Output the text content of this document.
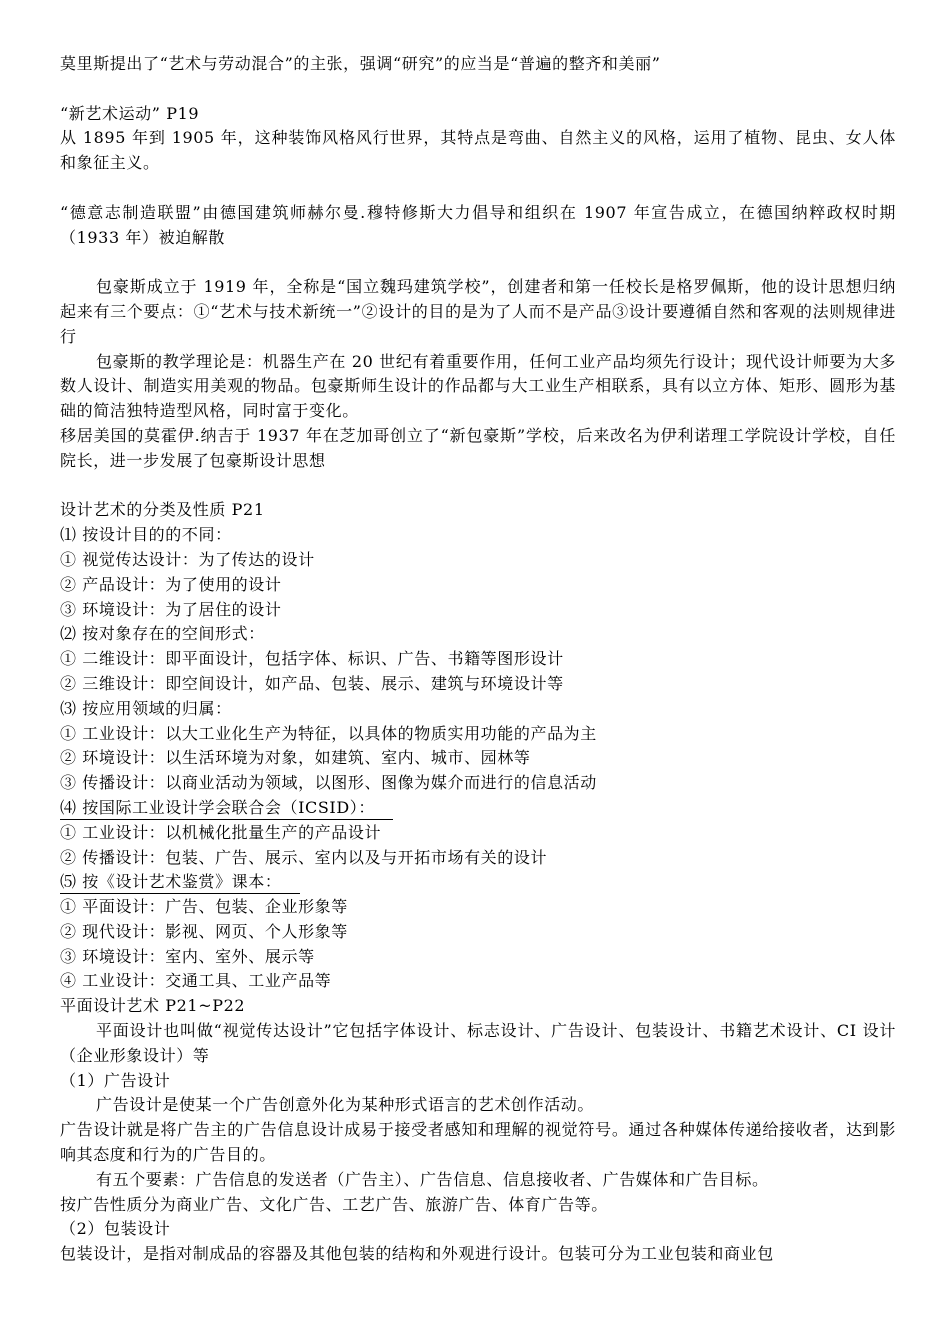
莫里斯提出了“艺术与劳动混合”的主张，强调“研究”的应当是“普遍的整齐和美丽”
“新艺术运动” P19
从 1895 年到 1905 年，这种装饰风格风行世界，其特点是弯曲、自然主义的风格，运用了植物、昆虫、女人体和象征主义。
“德意志制造联盟”由德国建筑师赫尔曼.穆特修斯大力倡导和组织在 1907 年宣告成立，在德国纳粹政权时期（1933 年）被迫解散
包豪斯成立于 1919 年，全称是“国立魏玛建筑学校”，创建者和第一任校长是格罗佩斯，他的设计思想归纳起来有三个要点：①“艺术与技术新统一”②设计的目的是为了人而不是产品③设计要遵循自然和客观的法则规律进行
包豪斯的教学理论是：机器生产在 20 世纪有着重要作用，任何工业产品均须先行设计；现代设计师要为大多数人设计、制造实用美观的物品。包豪斯师生设计的作品都与大工业生产相联系，具有以立方体、矩形、圆形为基础的简洁独特造型风格，同时富于变化。
移居美国的莫霍伊.纳吉于 1937 年在芝加哥创立了“新包豪斯”学校，后来改名为伊利诺理工学院设计学校，自任院长，进一步发展了包豪斯设计思想
设计艺术的分类及性质 P21
⑴ 按设计目的的不同：
① 视觉传达设计：为了传达的设计
② 产品设计：为了使用的设计
③ 环境设计：为了居住的设计
⑵ 按对象存在的空间形式：
① 二维设计：即平面设计，包括字体、标识、广告、书籍等图形设计
② 三维设计：即空间设计，如产品、包装、展示、建筑与环境设计等
⑶ 按应用领域的归属：
① 工业设计：以大工业化生产为特征，以具体的物质实用功能的产品为主
② 环境设计：以生活环境为对象，如建筑、室内、城市、园林等
③ 传播设计：以商业活动为领域，以图形、图像为媒介而进行的信息活动
⑷ 按国际工业设计学会联合会（ICSID）：
① 工业设计：以机械化批量生产的产品设计
② 传播设计：包装、广告、展示、室内以及与开拓市场有关的设计
⑸ 按《设计艺术鉴赏》课本：
① 平面设计：广告、包装、企业形象等
② 现代设计：影视、网页、个人形象等
③ 环境设计：室内、室外、展示等
④ 工业设计：交通工具、工业产品等
平面设计艺术 P21~P22
平面设计也叫做“视觉传达设计”它包括字体设计、标志设计、广告设计、包装设计、书籍艺术设计、CI 设计（企业形象设计）等
（1）广告设计
广告设计是使某一个广告创意外化为某种形式语言的艺术创作活动。
广告设计就是将广告主的广告信息设计成易于接受者感知和理解的视觉符号。通过各种媒体传递给接收者，达到影响其态度和行为的广告目的。
有五个要素：广告信息的发送者（广告主）、广告信息、信息接收者、广告媒体和广告目标。
按广告性质分为商业广告、文化广告、工艺广告、旅游广告、体育广告等。
（2）包装设计
包装设计，是指对制成品的容器及其他包装的结构和外观进行设计。包装可分为工业包装和商业包
